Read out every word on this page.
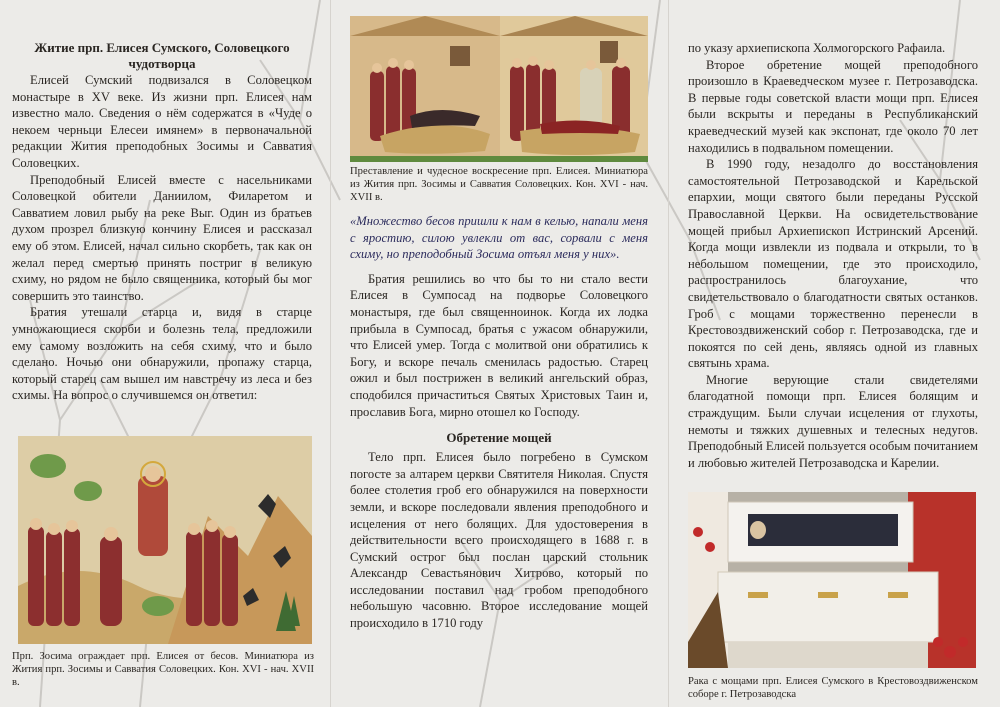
Житие прп. Елисея Сумского, Соловецкого чудотворца

Елисей Сумский подвизался в Соловецком монастыре в XV веке. Из жизни прп. Елисея нам известно мало. Сведения о нём содержатся в «Чуде о некоем черньци Елесеи имянем» в первоначальной редакции Жития преподобных Зосимы и Савватия Соловецких.

Преподобный Елисей вместе с насельниками Соловецкой обители Даниилом, Филаретом и Савватием ловил рыбу на реке Выг. Один из братьев духом прозрел близкую кончину Елисея и рассказал ему об этом. Елисей, начал сильно скорбеть, так как он желал перед смертью принять постриг в великую схиму, но рядом не было священника, который бы мог совершить это таинство.

Братия утешали старца и, видя в старце умножающиеся скорби и болезнь тела, предложили ему самому возложить на себя схиму, что и было сделано. Ночью они обнаружили, пропажу старца, который старец сам вышел им навстречу из леса и без схимы. На вопрос о случившемся он ответил:

Прп. Зосима ограждает прп. Елисея от бесов. Миниатюра из Жития прп. Зосимы и Савватия Соловецких. Кон. XVI - нач. XVII в.
Преставление и чудесное воскресение прп. Елисея. Миниатюра из Жития прп. Зосимы и Савватия Соловецких. Кон. XVI - нач. XVII в.

«Множество бесов пришли к нам в келью, напали меня с яростию, силою увлекли от вас, сорвали с меня схиму, но преподобный Зосима отъял меня у них».

Братия решились во что бы то ни стало вести Елисея в Сумпосад на подворье Соловецкого монастыря, где был священноинок. Когда их лодка прибыла в Сумпосад, братья с ужасом обнаружили, что Елисей умер. Тогда с молитвой они обратились к Богу, и вскоре печаль сменилась радостью. Старец ожил и был пострижен в великий ангельский образ, сподобился причаститься Святых Христовых Таин и, прославив Бога, мирно отошел ко Господу.

Обретение мощей

Тело прп. Елисея было погребено в Сумском погосте за алтарем церкви Святителя Николая. Спустя более столетия гроб его обнаружился на поверхности земли, и вскоре последовали явления преподобного и исцеления от него болящих. Для удостоверения в действительности всего происходящего в 1688 г. в Сумский острог был послан царский стольник Александр Севастьянович Хитрово, который по исследовании поставил над гробом преподобного небольшую часовню. Второе исследование мощей происходило в 1710 году

по указу архиепископа Холмогорского Рафаила.

Второе обретение мощей преподобного произошло в Краеведческом музее г. Петрозаводска. В первые годы советской власти мощи прп. Елисея были вскрыты и переданы в Республиканский краеведческий музей как экспонат, где около 70 лет находились в подвальном помещении.

В 1990 году, незадолго до восстановления самостоятельной Петрозаводской и Карельской епархии, мощи святого были переданы Русской Православной Церкви. На освидетельствование мощей прибыл Архиепископ Истринский Арсений. Когда мощи извлекли из подвала и открыли, то в небольшом помещении, где это происходило, распространилось благоухание, что свидетельствовало о благодатности святых останков. Гроб с мощами торжественно перенесли в Крестовоздвиженский собор г. Петрозаводска, где и покоятся по сей день, являясь одной из главных святынь храма.

Многие верующие стали свидетелями благодатной помощи прп. Елисея болящим и страждущим. Были случаи исцеления от глухоты, немоты и тяжких душевных и телесных недугов. Преподобный Елисей пользуется особым почитанием и любовью жителей Петрозаводска и Карелии.

Рака с мощами прп. Елисея Сумского в Крестовоздвиженском соборе г. Петрозаводска
